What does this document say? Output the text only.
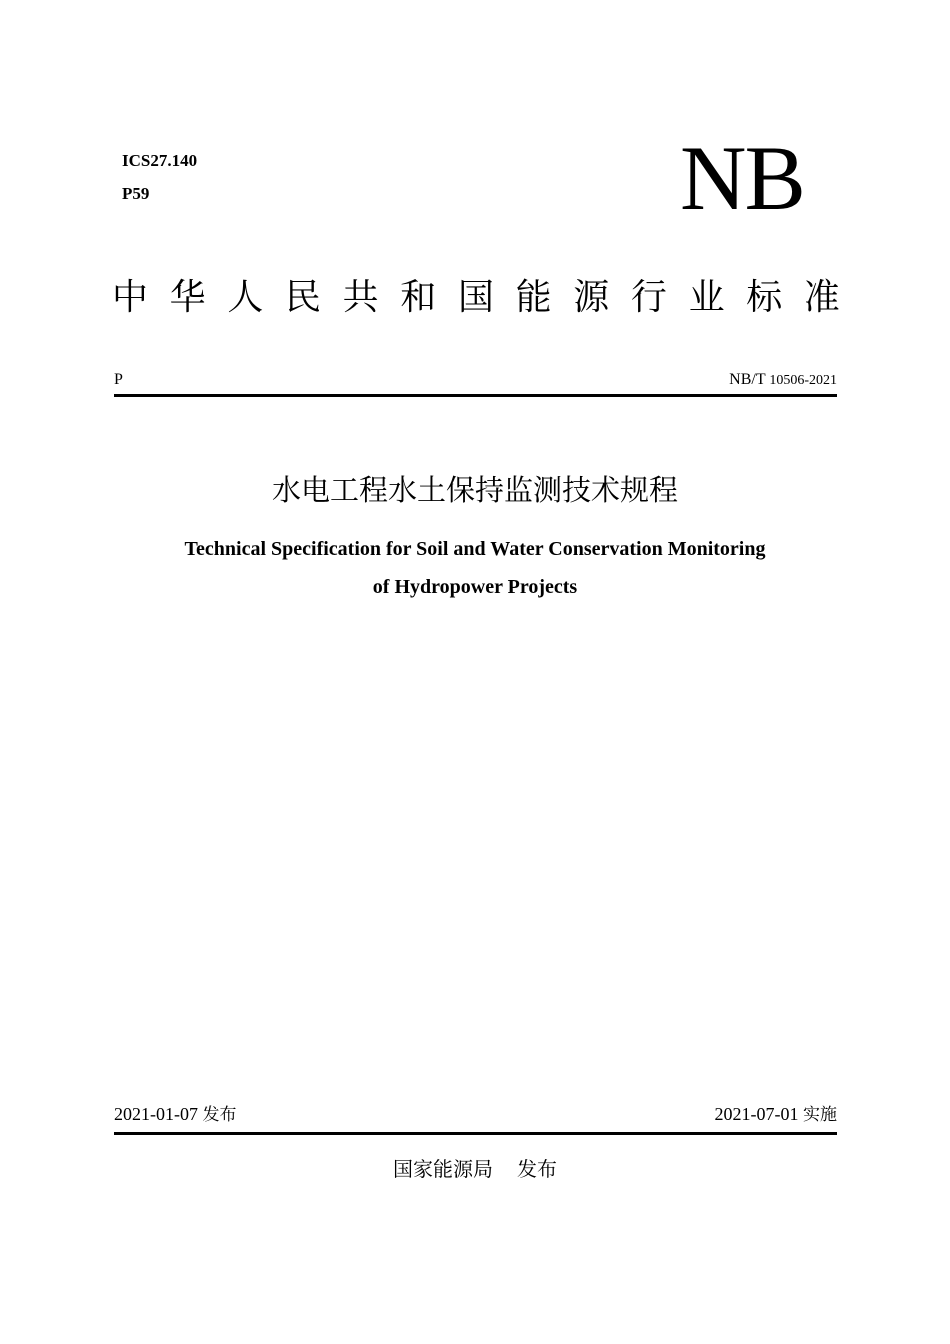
ICS27.140
P59	NB
中 华 人 民 共 和 国 能 源 行 业 标 准
P	NB/T 10506-2021
水电工程水土保持监测技术规程
Technical Specification for Soil and Water Conservation Monitoring
of Hydropower Projects
2021-01-07 发布	2021-07-01 实施
国家能源局 发布
